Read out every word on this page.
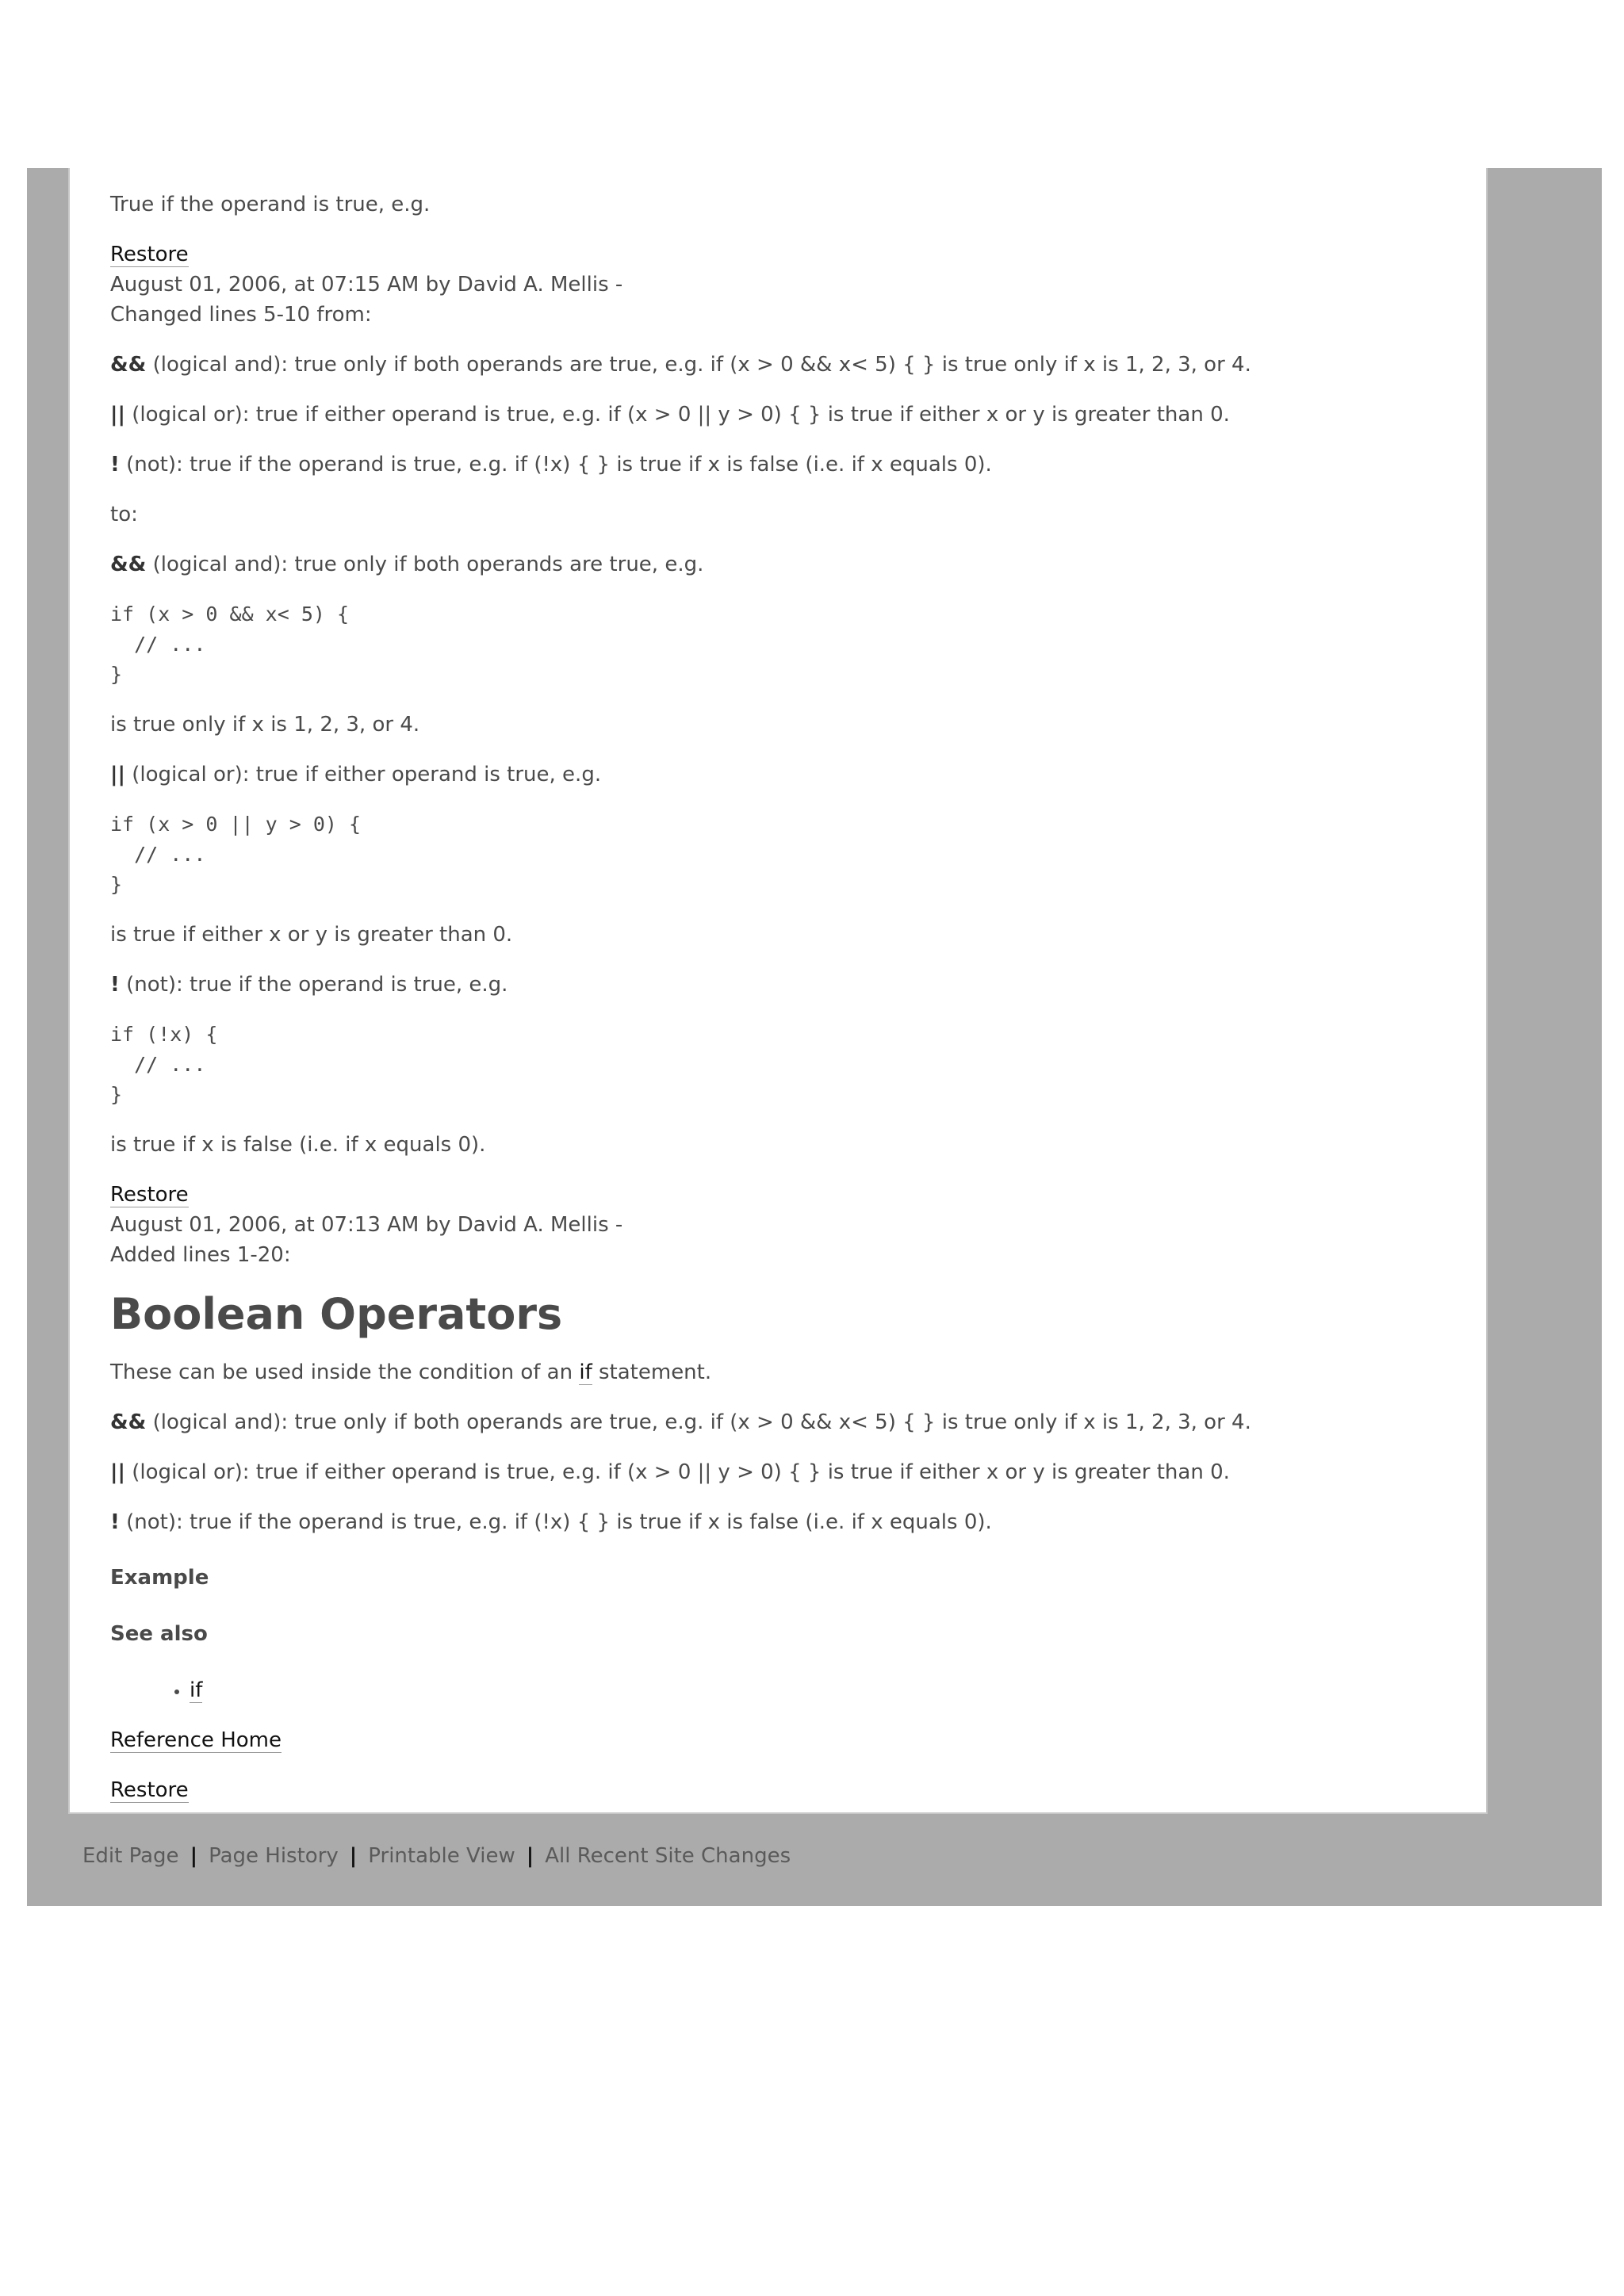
True if the operand is true, e.g.

Restore
August 01, 2006, at 07:15 AM by David A. Mellis -
Changed lines 5-10 from:

&& (logical and): true only if both operands are true, e.g. if (x > 0 && x< 5) { } is true only if x is 1, 2, 3, or 4.

|| (logical or): true if either operand is true, e.g. if (x > 0 || y > 0) { } is true if either x or y is greater than 0.

! (not): true if the operand is true, e.g. if (!x) { } is true if x is false (i.e. if x equals 0).

to:

&& (logical and): true only if both operands are true, e.g.

if (x > 0 && x< 5) {
// ...
}

is true only if x is 1, 2, 3, or 4.

|| (logical or): true if either operand is true, e.g.

if (x > 0 || y > 0) {
// ...
}

is true if either x or y is greater than 0.

! (not): true if the operand is true, e.g.

if (!x) {
// ...
}

is true if x is false (i.e. if x equals 0).

Restore
August 01, 2006, at 07:13 AM by David A. Mellis -
Added lines 1-20:
Boolean Operators

These can be used inside the condition of an if statement.

&& (logical and): true only if both operands are true, e.g. if (x > 0 && x< 5) { } is true only if x is 1, 2, 3, or 4.

|| (logical or): true if either operand is true, e.g. if (x > 0 || y > 0) { } is true if either x or y is greater than 0.

! (not): true if the operand is true, e.g. if (!x) { } is true if x is false (i.e. if x equals 0).

Example
See also
• if

Reference Home

Restore

Edit Page | Page History | Printable View | All Recent Site Changes
